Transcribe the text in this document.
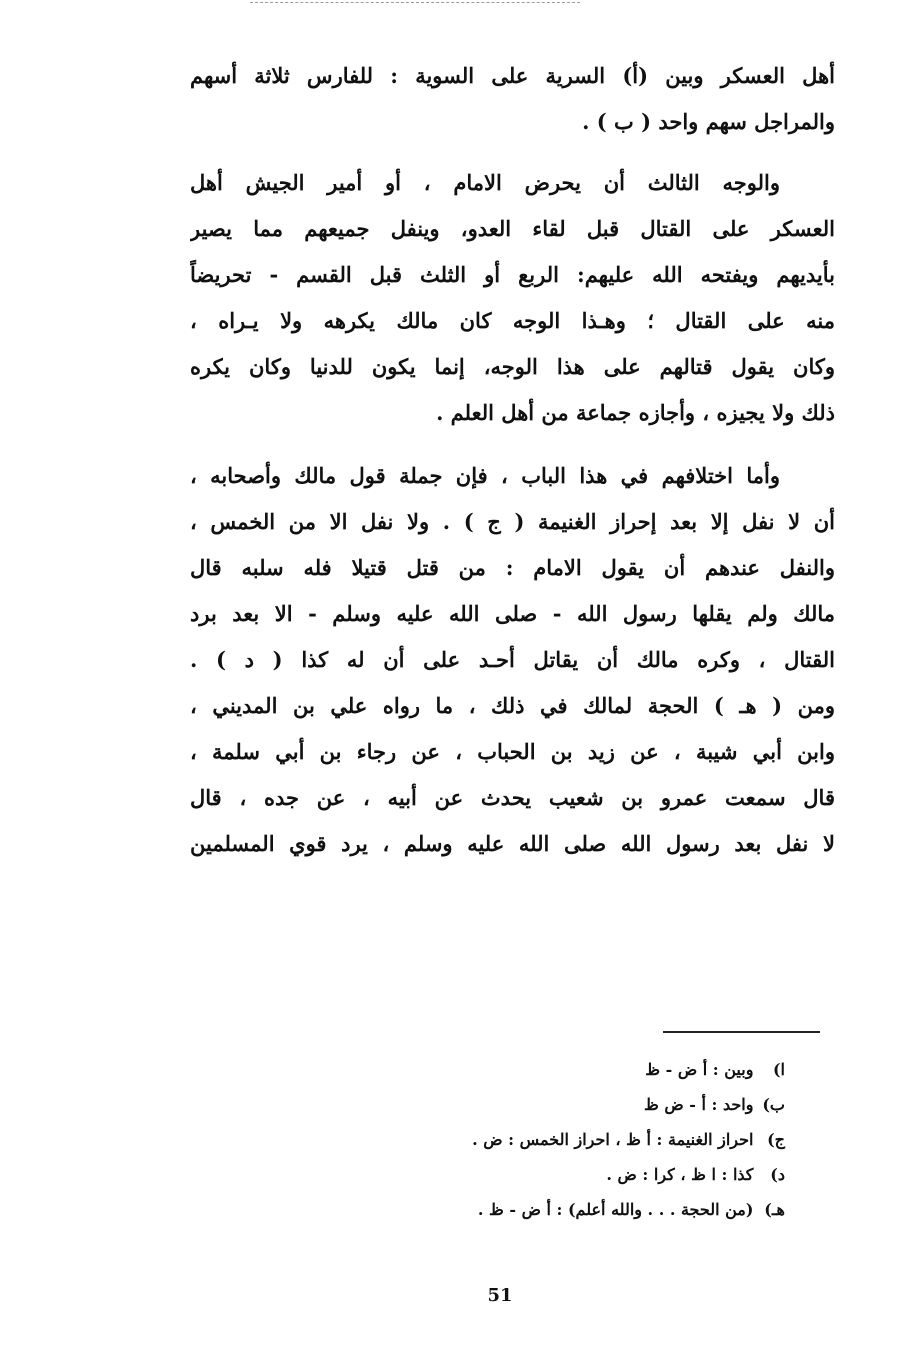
أهل العسكر وبين (أ) السرية على السوية : للفارس ثلاثة أسهم
والمراجل سهم واحد ( ب ) .
والوجه الثالث أن يحرض الامام ، أو أمير الجيش أهل
العسكر على القتال قبل لقاء العدو، وينفل جميعهم مما يصير
بأيديهم ويفتحه الله عليهم: الربع أو الثلث قبل القسم - تحريضاً
منه على القتال ؛ وهـذا الوجه كان مالك يكرهه ولا يـراه ،
وكان يقول قتالهم على هذا الوجه، إنما يكون للدنيا وكان يكره
ذلك ولا يجيزه ، وأجازه جماعة من أهل العلم .
وأما اختلافهم في هذا الباب ، فإن جملة قول مالك وأصحابه ،
أن لا نفل إلا بعد إحراز الغنيمة ( ج ) . ولا نفل الا من الخمس ،
والنفل عندهم أن يقول الامام : من قتل قتيلا فله سلبه قال
مالك ولم يقلها رسول الله - صلى الله عليه وسلم - الا بعد برد
القتال ، وكره مالك أن يقاتل أحـد على أن له كذا ( د ) .
ومن ( هـ ) الحجة لمالك في ذلك ، ما رواه علي بن المديني ،
وابن أبي شيبة ، عن زيد بن الحباب ، عن رجاء بن أبي سلمة ،
قال سمعت عمرو بن شعيب يحدث عن أبيه ، عن جده ، قال
لا نفل بعد رسول الله صلى الله عليه وسلم ، يرد قوي المسلمين
ا) وبين : أ ض - ظ
ب) واحد : أ - ض ظ
ج) احراز الغنيمة : أ ظ ، احراز الخمس : ض .
د) كذا : ا ظ ، كرا : ض .
هـ) (من الحجة . . . والله أعلم) : أ ض - ظ .
51
